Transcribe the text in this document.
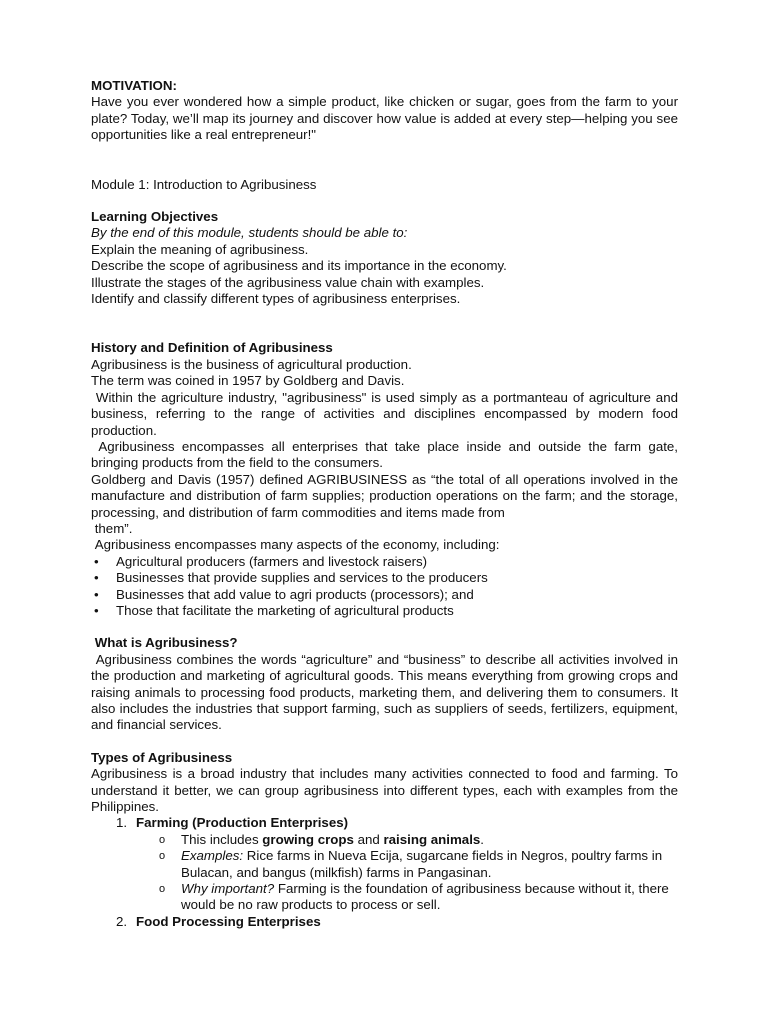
MOTIVATION:

Have you ever wondered how a simple product, like chicken or sugar, goes from the farm to your plate? Today, we’ll map its journey and discover how value is added at every step—helping you see opportunities like a real entrepreneur!"

Module 1: Introduction to Agribusiness

Learning Objectives

By the end of this module, students should be able to:

Explain the meaning of agribusiness.

Describe the scope of agribusiness and its importance in the economy.

Illustrate the stages of the agribusiness value chain with examples.

Identify and classify different types of agribusiness enterprises.

History and Definition of Agribusiness

Agribusiness is the business of agricultural production.

The term was coined in 1957 by Goldberg and Davis.

Within the agriculture industry, "agribusiness" is used simply as a portmanteau of agriculture and business, referring to the range of activities and disciplines encompassed by modern food production.

Agribusiness encompasses all enterprises that take place inside and outside the farm gate, bringing products from the field to the consumers.

Goldberg and Davis (1957) defined AGRIBUSINESS as “the total of all operations involved in the manufacture and distribution of farm supplies; production operations on the farm; and the storage, processing, and distribution of farm commodities and items made from

them”.

Agribusiness encompasses many aspects of the economy, including:

• Agricultural producers (farmers and livestock raisers)
• Businesses that provide supplies and services to the producers
• Businesses that add value to agri products (processors); and
• Those that facilitate the marketing of agricultural products

What is Agribusiness?

Agribusiness combines the words “agriculture” and “business” to describe all activities involved in the production and marketing of agricultural goods. This means everything from growing crops and raising animals to processing food products, marketing them, and delivering them to consumers. It also includes the industries that support farming, such as suppliers of seeds, fertilizers, equipment, and financial services.

Types of Agribusiness

Agribusiness is a broad industry that includes many activities connected to food and farming. To understand it better, we can group agribusiness into different types, each with examples from the Philippines.

1. Farming (Production Enterprises)
o This includes growing crops and raising animals.
o Examples: Rice farms in Nueva Ecija, sugarcane fields in Negros, poultry farms in Bulacan, and bangus (milkfish) farms in Pangasinan.
o Why important? Farming is the foundation of agribusiness because without it, there would be no raw products to process or sell.
2. Food Processing Enterprises
